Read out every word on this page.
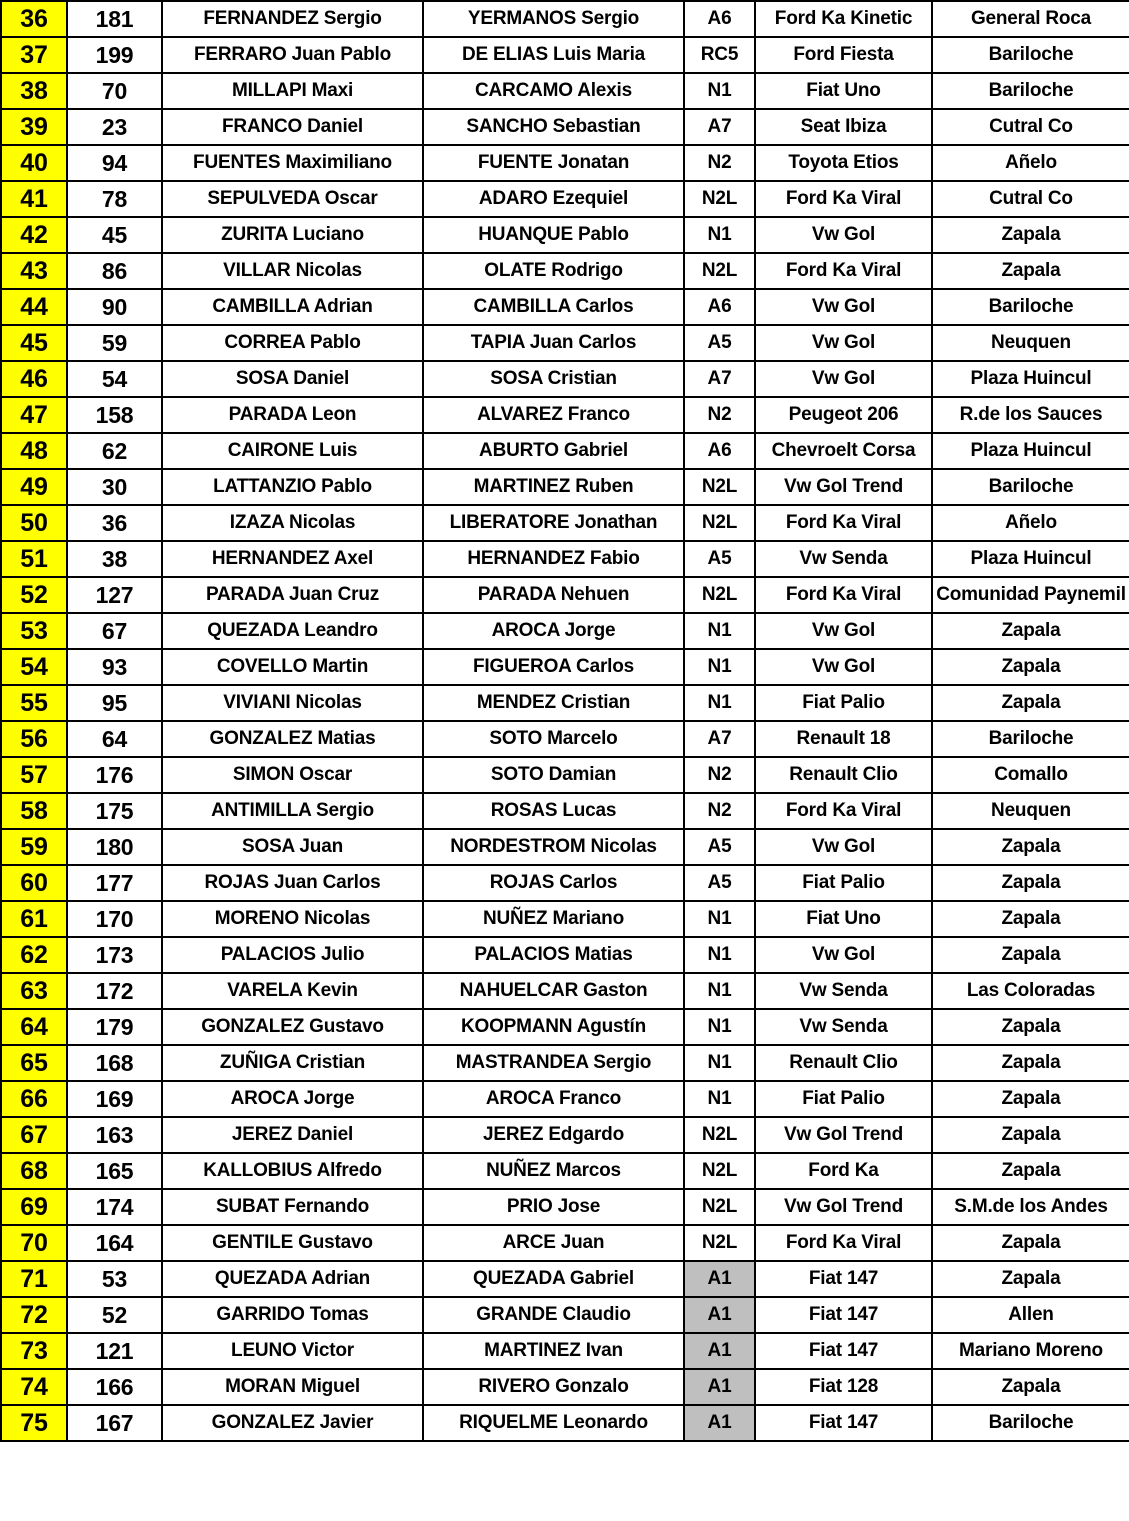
36	181	FERNANDEZ Sergio	YERMANOS Sergio	A6	Ford Ka Kinetic	General Roca
37	199	FERRARO Juan Pablo	DE ELIAS Luis Maria	RC5	Ford Fiesta	Bariloche
38	70	MILLAPI Maxi	CARCAMO Alexis	N1	Fiat Uno	Bariloche
39	23	FRANCO Daniel	SANCHO Sebastian	A7	Seat Ibiza	Cutral Co
40	94	FUENTES Maximiliano	FUENTE Jonatan	N2	Toyota Etios	Añelo
41	78	SEPULVEDA Oscar	ADARO Ezequiel	N2L	Ford Ka Viral	Cutral Co
42	45	ZURITA Luciano	HUANQUE Pablo	N1	Vw Gol	Zapala
43	86	VILLAR Nicolas	OLATE Rodrigo	N2L	Ford Ka Viral	Zapala
44	90	CAMBILLA Adrian	CAMBILLA Carlos	A6	Vw Gol	Bariloche
45	59	CORREA Pablo	TAPIA Juan Carlos	A5	Vw Gol	Neuquen
46	54	SOSA Daniel	SOSA Cristian	A7	Vw Gol	Plaza Huincul
47	158	PARADA Leon	ALVAREZ Franco	N2	Peugeot 206	R.de los Sauces
48	62	CAIRONE Luis	ABURTO Gabriel	A6	Chevroelt Corsa	Plaza Huincul
49	30	LATTANZIO Pablo	MARTINEZ Ruben	N2L	Vw Gol Trend	Bariloche
50	36	IZAZA Nicolas	LIBERATORE Jonathan	N2L	Ford Ka Viral	Añelo
51	38	HERNANDEZ Axel	HERNANDEZ Fabio	A5	Vw Senda	Plaza Huincul
52	127	PARADA Juan Cruz	PARADA Nehuen	N2L	Ford Ka Viral	Comunidad Paynemil
53	67	QUEZADA Leandro	AROCA Jorge	N1	Vw Gol	Zapala
54	93	COVELLO Martin	FIGUEROA Carlos	N1	Vw Gol	Zapala
55	95	VIVIANI Nicolas	MENDEZ Cristian	N1	Fiat Palio	Zapala
56	64	GONZALEZ Matias	SOTO Marcelo	A7	Renault 18	Bariloche
57	176	SIMON Oscar	SOTO Damian	N2	Renault Clio	Comallo
58	175	ANTIMILLA Sergio	ROSAS Lucas	N2	Ford Ka Viral	Neuquen
59	180	SOSA Juan	NORDESTROM Nicolas	A5	Vw Gol	Zapala
60	177	ROJAS Juan Carlos	ROJAS Carlos	A5	Fiat Palio	Zapala
61	170	MORENO Nicolas	NUÑEZ Mariano	N1	Fiat Uno	Zapala
62	173	PALACIOS Julio	PALACIOS Matias	N1	Vw Gol	Zapala
63	172	VARELA Kevin	NAHUELCAR Gaston	N1	Vw Senda	Las Coloradas
64	179	GONZALEZ Gustavo	KOOPMANN Agustín	N1	Vw Senda	Zapala
65	168	ZUÑIGA Cristian	MASTRANDEA Sergio	N1	Renault Clio	Zapala
66	169	AROCA Jorge	AROCA Franco	N1	Fiat Palio	Zapala
67	163	JEREZ Daniel	JEREZ Edgardo	N2L	Vw Gol Trend	Zapala
68	165	KALLOBIUS Alfredo	NUÑEZ Marcos	N2L	Ford Ka	Zapala
69	174	SUBAT Fernando	PRIO Jose	N2L	Vw Gol Trend	S.M.de los Andes
70	164	GENTILE Gustavo	ARCE Juan	N2L	Ford Ka Viral	Zapala
71	53	QUEZADA Adrian	QUEZADA Gabriel	A1	Fiat 147	Zapala
72	52	GARRIDO Tomas	GRANDE Claudio	A1	Fiat 147	Allen
73	121	LEUNO Victor	MARTINEZ Ivan	A1	Fiat 147	Mariano Moreno
74	166	MORAN Miguel	RIVERO Gonzalo	A1	Fiat 128	Zapala
75	167	GONZALEZ Javier	RIQUELME Leonardo	A1	Fiat 147	Bariloche
